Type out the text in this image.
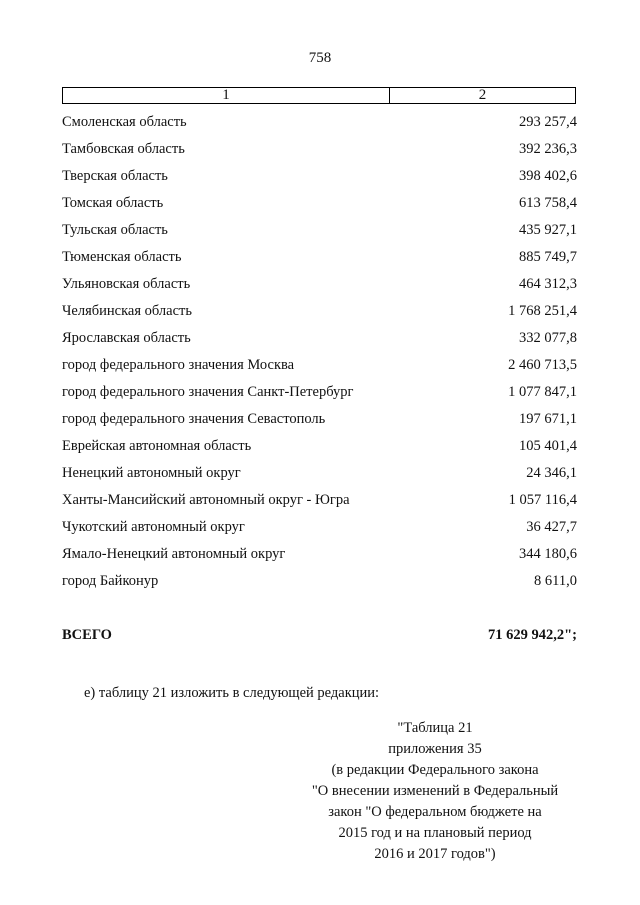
758
1	2
Смоленская область	293 257,4
Тамбовская область	392 236,3
Тверская область	398 402,6
Томская область	613 758,4
Тульская область	435 927,1
Тюменская область	885 749,7
Ульяновская область	464 312,3
Челябинская область	1 768 251,4
Ярославская область	332 077,8
город федерального значения Москва	2 460 713,5
город федерального значения Санкт-Петербург	1 077 847,1
город федерального значения Севастополь	197 671,1
Еврейская автономная область	105 401,4
Ненецкий автономный округ	24 346,1
Ханты-Мансийский автономный округ - Югра	1 057 116,4
Чукотский автономный округ	36 427,7
Ямало-Ненецкий автономный округ	344 180,6
город Байконур	8 611,0
ВСЕГО	71 629 942,2";
е) таблицу 21 изложить в следующей редакции:
"Таблица 21
приложения 35
(в редакции Федерального закона
"О внесении изменений в Федеральный
закон "О федеральном бюджете на
2015 год и на плановый период
2016 и 2017 годов")
